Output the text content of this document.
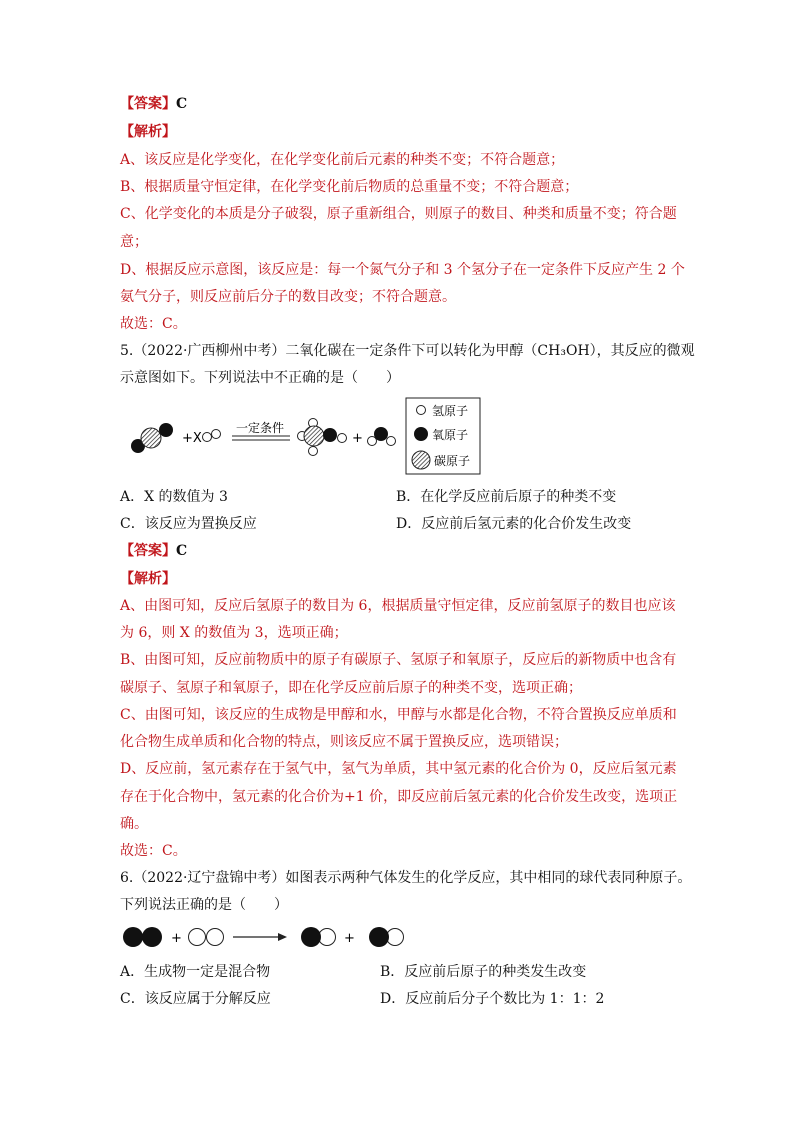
【答案】C
【解析】
A、该反应是化学变化，在化学变化前后元素的种类不变；不符合题意；
B、根据质量守恒定律，在化学变化前后物质的总重量不变；不符合题意；
C、化学变化的本质是分子破裂，原子重新组合，则原子的数目、种类和质量不变；符合题
意；
D、根据反应示意图，该反应是：每一个氮气分子和 3 个氢分子在一定条件下反应产生 2 个
氨气分子，则反应前后分子的数目改变；不符合题意。
故选：C。
5.（2022·广西柳州中考）二氧化碳在一定条件下可以转化为甲醇（CH₃OH），其反应的微观
示意图如下。下列说法中不正确的是（　　）
+X
一定条件
+
氢原子
氧原子
碳原子
A．X 的数值为 3	B．在化学反应前后原子的种类不变
C．该反应为置换反应	D．反应前后氢元素的化合价发生改变
【答案】C
【解析】
A、由图可知，反应后氢原子的数目为 6，根据质量守恒定律，反应前氢原子的数目也应该
为 6，则 X 的数值为 3，选项正确；
B、由图可知，反应前物质中的原子有碳原子、氢原子和氧原子，反应后的新物质中也含有
碳原子、氢原子和氧原子，即在化学反应前后原子的种类不变，选项正确；
C、由图可知，该反应的生成物是甲醇和水，甲醇与水都是化合物，不符合置换反应单质和
化合物生成单质和化合物的特点，则该反应不属于置换反应，选项错误；
D、反应前，氢元素存在于氢气中，氢气为单质，其中氢元素的化合价为 0，反应后氢元素
存在于化合物中，氢元素的化合价为+1 价，即反应前后氢元素的化合价发生改变，选项正
确。
故选：C。
6.（2022·辽宁盘锦中考）如图表示两种气体发生的化学反应，其中相同的球代表同种原子。
下列说法正确的是（　　）
+	+
A．生成物一定是混合物	B．反应前后原子的种类发生改变
C．该反应属于分解反应	D．反应前后分子个数比为 1：1：2
